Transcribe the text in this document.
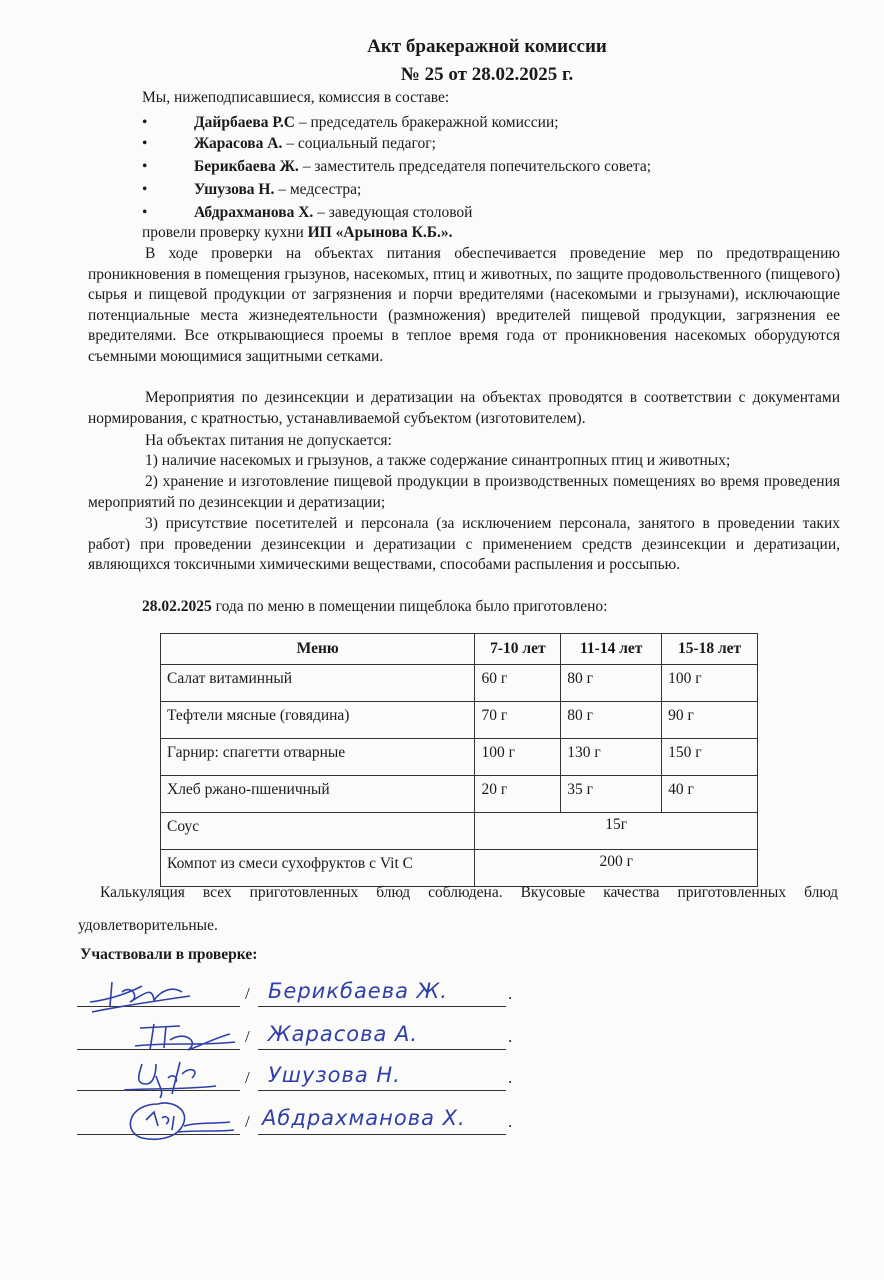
Акт бракеражной комиссии
№ 25 от 28.02.2025 г.
Мы, нижеподписавшиеся, комиссия в составе:
•	Дайрбаева Р.С – председатель бракеражной комиссии;
•	Жарасова А. – социальный педагог;
•	Берикбаева Ж. – заместитель председателя попечительского совета;
•	Ушузова Н. – медсестра;
•	Абдрахманова Х. – заведующая столовой
провели проверку кухни ИП «Арынова К.Б.».
В ходе проверки на объектах питания обеспечивается проведение мер по предотвращению проникновения в помещения грызунов, насекомых, птиц и животных, по защите продовольственного (пищевого) сырья и пищевой продукции от загрязнения и порчи вредителями (насекомыми и грызунами), исключающие потенциальные места жизнедеятельности (размножения) вредителей пищевой продукции, загрязнения ее вредителями. Все открывающиеся проемы в теплое время года от проникновения насекомых оборудуются съемными моющимися защитными сетками.
Мероприятия по дезинсекции и дератизации на объектах проводятся в соответствии с документами нормирования, с кратностью, устанавливаемой субъектом (изготовителем).
На объектах питания не допускается:
1) наличие насекомых и грызунов, а также содержание синантропных птиц и животных;
2) хранение и изготовление пищевой продукции в производственных помещениях во время проведения мероприятий по дезинсекции и дератизации;
3) присутствие посетителей и персонала (за исключением персонала, занятого в проведении таких работ) при проведении дезинсекции и дератизации с применением средств дезинсекции и дератизации, являющихся токсичными химическими веществами, способами распыления и россыпью.
28.02.2025 года по меню в помещении пищеблока было приготовлено:
Меню	7-10 лет	11-14 лет	15-18 лет
Салат витаминный	60 г	80 г	100 г
Тефтели мясные (говядина)	70 г	80 г	90 г
Гарнир: спагетти отварные	100 г	130 г	150 г
Хлеб ржано-пшеничный	20 г	35 г	40 г
Соус	15г		
Компот из смеси сухофруктов с Vit C	200 г		
Калькуляция всех приготовленных блюд соблюдена. Вкусовые качества приготовленных блюд удовлетворительные.
Участвовали в проверке:
/ Берикбаева Ж.	.
/ Жарасова А.	.
/ Ушузова Н.	.
/ Абдрахманова Х. .
